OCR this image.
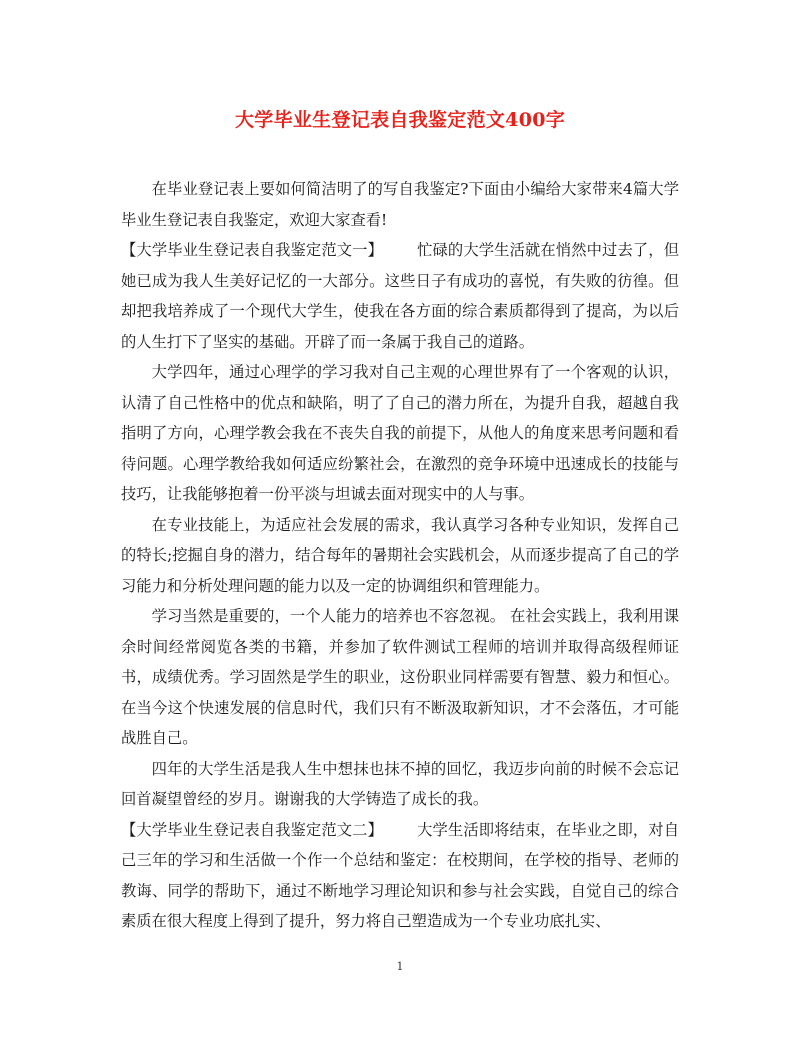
大学毕业生登记表自我鉴定范文400字

在毕业登记表上要如何简洁明了的写自我鉴定?下面由小编给大家带来4篇大学毕业生登记表自我鉴定，欢迎大家查看!

【大学毕业生登记表自我鉴定范文一】 忙碌的大学生活就在悄然中过去了，但她已成为我人生美好记忆的一大部分。这些日子有成功的喜悦，有失败的彷徨。但却把我培养成了一个现代大学生，使我在各方面的综合素质都得到了提高，为以后的人生打下了坚实的基础。开辟了而一条属于我自己的道路。

大学四年，通过心理学的学习我对自己主观的心理世界有了一个客观的认识，认清了自己性格中的优点和缺陷，明了了自己的潜力所在，为提升自我，超越自我指明了方向，心理学教会我在不丧失自我的前提下，从他人的角度来思考问题和看待问题。心理学教给我如何适应纷繁社会，在激烈的竞争环境中迅速成长的技能与技巧，让我能够抱着一份平淡与坦诚去面对现实中的人与事。

在专业技能上，为适应社会发展的需求，我认真学习各种专业知识，发挥自己的特长;挖掘自身的潜力，结合每年的暑期社会实践机会，从而逐步提高了自己的学习能力和分析处理问题的能力以及一定的协调组织和管理能力。

学习当然是重要的，一个人能力的培养也不容忽视。 在社会实践上，我利用课余时间经常阅览各类的书籍，并参加了软件测试工程师的培训并取得高级程师证书，成绩优秀。学习固然是学生的职业，这份职业同样需要有智慧、毅力和恒心。在当今这个快速发展的信息时代，我们只有不断汲取新知识，才不会落伍，才可能战胜自己。

四年的大学生活是我人生中想抹也抹不掉的回忆，我迈步向前的时候不会忘记回首凝望曾经的岁月。谢谢我的大学铸造了成长的我。

【大学毕业生登记表自我鉴定范文二】 大学生活即将结束，在毕业之即，对自己三年的学习和生活做一个作一个总结和鉴定：在校期间，在学校的指导、老师的教诲、同学的帮助下，通过不断地学习理论知识和参与社会实践，自觉自己的综合素质在很大程度上得到了提升，努力将自己塑造成为一个专业功底扎实、

1
